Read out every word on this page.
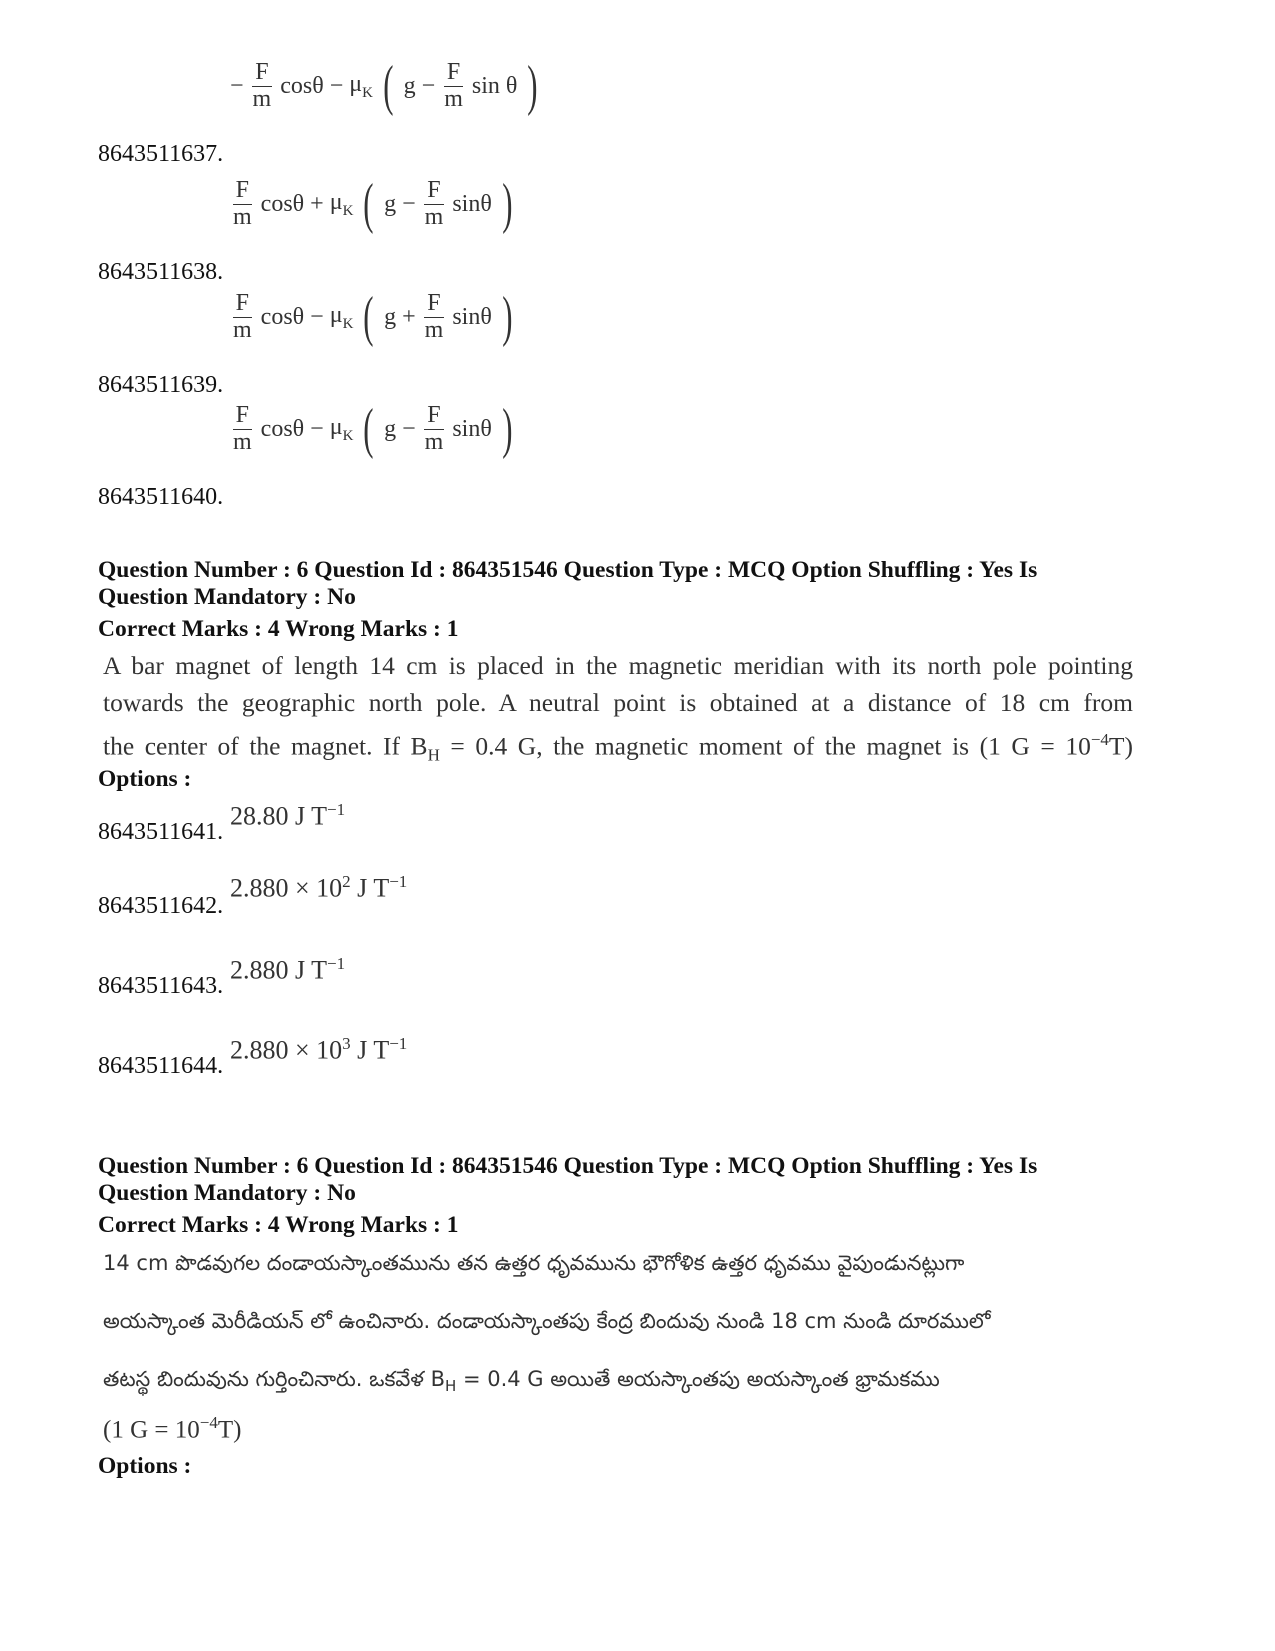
− $\frac{F}{m}$ $\cos\theta - \mu_K$ ( $g - \frac{F}{m}$ sin θ )
8643511637.
$\frac{F}{m}$ $\cos\theta + \mu_K$ ( $g - \frac{F}{m}$ sinθ )
8643511638.
$\frac{F}{m}$ $\cos\theta - \mu_K$ ( $g + \frac{F}{m}$ sinθ )
8643511639.
$\frac{F}{m}$ $\cos\theta - \mu_K$ ( $g - \frac{F}{m}$ sinθ )
8643511640.
Question Number : 6 Question Id : 864351546 Question Type : MCQ Option Shuffling : Yes Is
Question Mandatory : No
Correct Marks : 4 Wrong Marks : 1
A bar magnet of length 14 cm is placed in the magnetic meridian with its north pole pointing
towards the geographic north pole. A neutral point is obtained at a distance of 18 cm from
the center of the magnet. If $B_H = 0.4$ G, the magnetic moment of the magnet is (1 $G = 10^{-4}T$)
Options :
28.80 J $T^{-1}$
8643511641.
$2.880 \times 10^2$ J $T^{-1}$
8643511642.
2.880 J $T^{-1}$
8643511643.
$2.880 \times 10^3$ J $T^{-1}$
8643511644.
Question Number : 6 Question Id : 864351546 Question Type : MCQ Option Shuffling : Yes Is
Question Mandatory : No
Correct Marks : 4 Wrong Marks : 1
14 cm పొడవుగల దండాయస్కాంతమును తన ఉత్తర ధృవమును భౌగోళిక ఉత్తర ధృవము వైపుండునట్లుగా
అయస్కాంత మెరీడియన్ లో ఉంచినారు. దండాయస్కాంతపు కేంద్ర బిందువు నుండి 18 cm నుండి దూరములో
తటస్థ బిందువును గుర్తించినారు. ఒకవేళ $B_H = 0.4$ G అయితే అయస్కాంతపు అయస్కాంత భ్రామకము
(1 $G = 10^{-4}T$)
Options :
